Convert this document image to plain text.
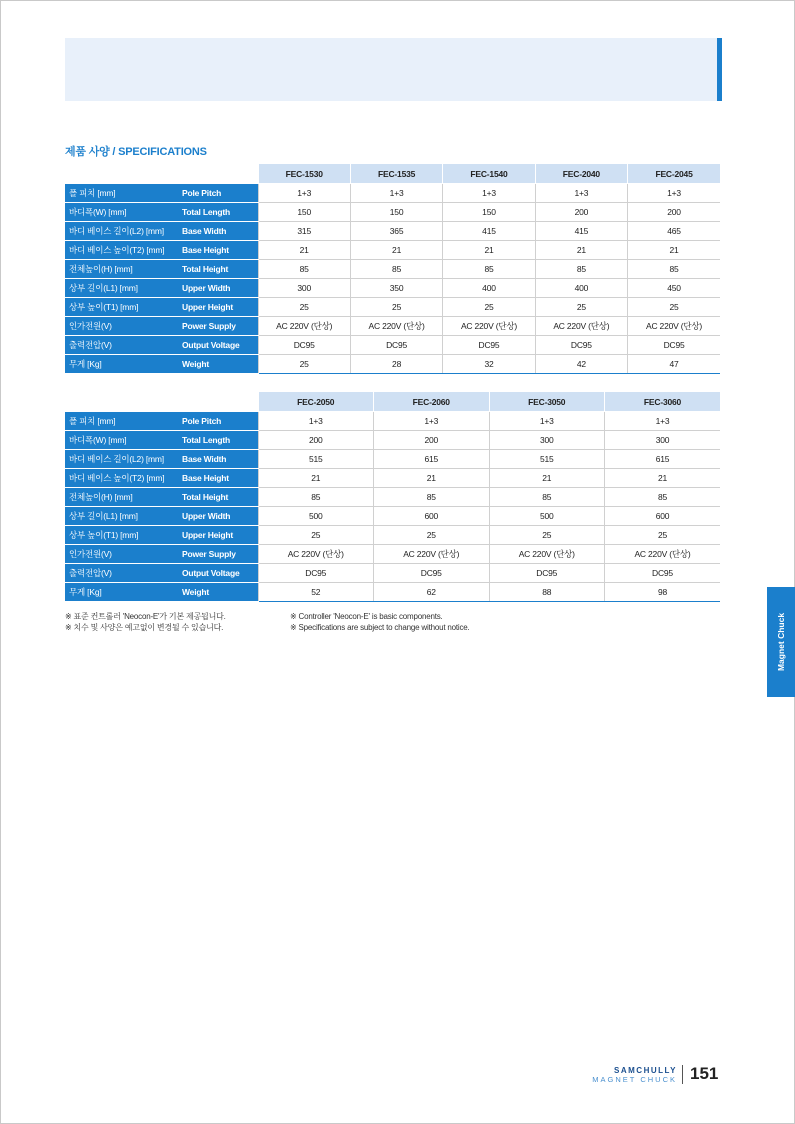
제품 사양 / SPECIFICATIONS
		FEC-1530	FEC-1535	FEC-1540	FEC-2040	FEC-2045
폴 피치 [mm]	Pole Pitch	1+3	1+3	1+3	1+3	1+3
바디폭(W) [mm]	Total Length	150	150	150	200	200
바디 베이스 길이(L2) [mm]	Base Width	315	365	415	415	465
바디 베이스 높이(T2) [mm]	Base Height	21	21	21	21	21
전체높이(H) [mm]	Total Height	85	85	85	85	85
상부 길이(L1) [mm]	Upper Width	300	350	400	400	450
상부 높이(T1) [mm]	Upper Height	25	25	25	25	25
인가전원(V)	Power Supply	AC 220V (단상)	AC 220V (단상)	AC 220V (단상)	AC 220V (단상)	AC 220V (단상)
출력전압(V)	Output Voltage	DC95	DC95	DC95	DC95	DC95
무게 [Kg]	Weight	25	28	32	42	47
		FEC-2050	FEC-2060	FEC-3050	FEC-3060
폴 피치 [mm]	Pole Pitch	1+3	1+3	1+3	1+3
바디폭(W) [mm]	Total Length	200	200	300	300
바디 베이스 길이(L2) [mm]	Base Width	515	615	515	615
바디 베이스 높이(T2) [mm]	Base Height	21	21	21	21
전체높이(H) [mm]	Total Height	85	85	85	85
상부 길이(L1) [mm]	Upper Width	500	600	500	600
상부 높이(T1) [mm]	Upper Height	25	25	25	25
인가전원(V)	Power Supply	AC 220V (단상)	AC 220V (단상)	AC 220V (단상)	AC 220V (단상)
출력전압(V)	Output Voltage	DC95	DC95	DC95	DC95
무게 [Kg]	Weight	52	62	88	98
※ 표준 컨트롤러 'Neocon-E'가 기본 제공됩니다.
※ 치수 및 사양은 예고없이 변경될 수 있습니다.
※ Controller 'Neocon-E' is basic components.
※ Specifications are subject to change without notice.	Magnet Chuck
SAMCHULLY
MAGNET CHUCK 151
